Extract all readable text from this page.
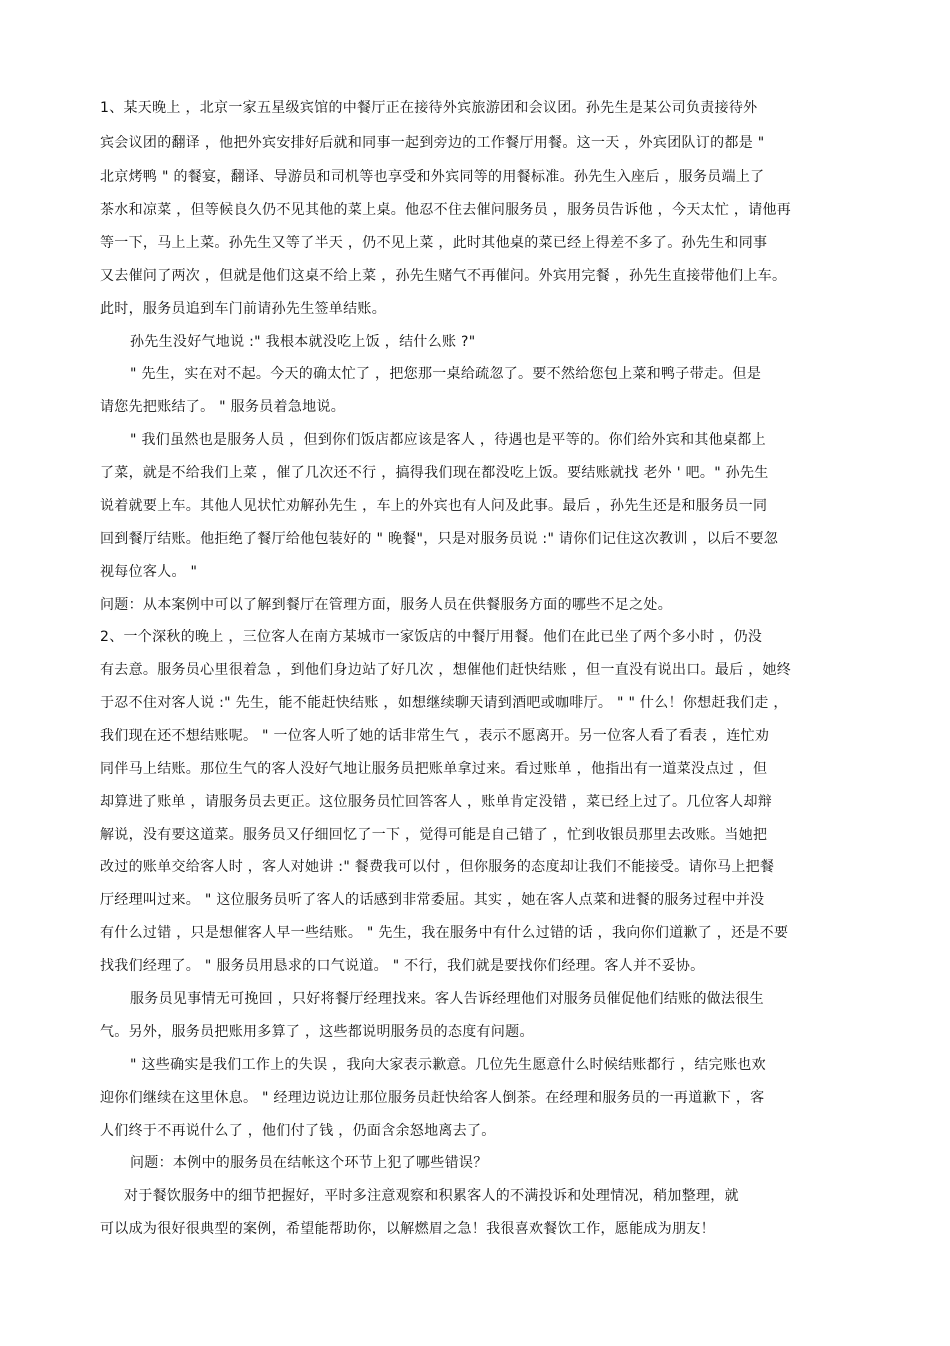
1、某天晚上 ，北京一家五星级宾馆的中餐厅正在接待外宾旅游团和会议团。孙先生是某公司负责接待外
宾会议团的翻译 ，他把外宾安排好后就和同事一起到旁边的工作餐厅用餐。这一天 ，外宾团队订的都是 "
北京烤鸭 " 的餐宴，翻译、导游员和司机等也享受和外宾同等的用餐标准。孙先生入座后 ，服务员端上了
茶水和凉菜 ，但等候良久仍不见其他的菜上桌。他忍不住去催问服务员 ，服务员告诉他 ，今天太忙 ，请他再
等一下，马上上菜。孙先生又等了半天 ，仍不见上菜 ，此时其他桌的菜已经上得差不多了。孙先生和同事
又去催问了两次 ，但就是他们这桌不给上菜 ，孙先生赌气不再催问。外宾用完餐 ，孙先生直接带他们上车。
此时，服务员追到车门前请孙先生签单结账。
孙先生没好气地说 :" 我根本就没吃上饭 ，结什么账 ?"
" 先生，实在对不起。今天的确太忙了 ，把您那一桌给疏忽了。要不然给您包上菜和鸭子带走。但是
请您先把账结了。 " 服务员着急地说。
" 我们虽然也是服务人员 ，但到你们饭店都应该是客人 ，待遇也是平等的。你们给外宾和其他桌都上
了菜，就是不给我们上菜 ，催了几次还不行 ，搞得我们现在都没吃上饭。要结账就找 老外 ' 吧。" 孙先生
说着就要上车。其他人见状忙劝解孙先生 ，车上的外宾也有人问及此事。最后 ，孙先生还是和服务员一同
回到餐厅结账。他拒绝了餐厅给他包装好的 " 晚餐"，只是对服务员说 :" 请你们记住这次教训 ，以后不要忽
视每位客人。 "
问题：从本案例中可以了解到餐厅在管理方面，服务人员在供餐服务方面的哪些不足之处。
2、一个深秋的晚上 ，三位客人在南方某城市一家饭店的中餐厅用餐。他们在此已坐了两个多小时 ，仍没
有去意。服务员心里很着急 ，到他们身边站了好几次 ，想催他们赶快结账 ，但一直没有说出口。最后 ，她终
于忍不住对客人说 :" 先生，能不能赶快结账 ，如想继续聊天请到酒吧或咖啡厅。 " " 什么！你想赶我们走 ，
我们现在还不想结账呢。 " 一位客人听了她的话非常生气 ，表示不愿离开。另一位客人看了看表 ，连忙劝
同伴马上结账。那位生气的客人没好气地让服务员把账单拿过来。看过账单 ，他指出有一道菜没点过 ，但
却算进了账单 ，请服务员去更正。这位服务员忙回答客人 ，账单肯定没错 ，菜已经上过了。几位客人却辩
解说，没有要这道菜。服务员又仔细回忆了一下 ，觉得可能是自己错了 ，忙到收银员那里去改账。当她把
改过的账单交给客人时 ，客人对她讲 :" 餐费我可以付 ，但你服务的态度却让我们不能接受。请你马上把餐
厅经理叫过来。 " 这位服务员听了客人的话感到非常委屈。其实 ，她在客人点菜和进餐的服务过程中并没
有什么过错 ，只是想催客人早一些结账。 " 先生，我在服务中有什么过错的话 ，我向你们道歉了 ，还是不要
找我们经理了。 " 服务员用恳求的口气说道。 " 不行，我们就是要找你们经理。客人并不妥协。
服务员见事情无可挽回 ，只好将餐厅经理找来。客人告诉经理他们对服务员催促他们结账的做法很生
气。另外，服务员把账用多算了 ，这些都说明服务员的态度有问题。
" 这些确实是我们工作上的失误 ，我向大家表示歉意。几位先生愿意什么时候结账都行 ，结完账也欢
迎你们继续在这里休息。 " 经理边说边让那位服务员赶快给客人倒茶。在经理和服务员的一再道歉下 ，客
人们终于不再说什么了 ，他们付了钱 ，仍面含余怒地离去了。
问题：本例中的服务员在结帐这个环节上犯了哪些错误？
对于餐饮服务中的细节把握好，平时多注意观察和积累客人的不满投诉和处理情况，稍加整理，就
可以成为很好很典型的案例，希望能帮助你，以解燃眉之急！我很喜欢餐饮工作，愿能成为朋友！
